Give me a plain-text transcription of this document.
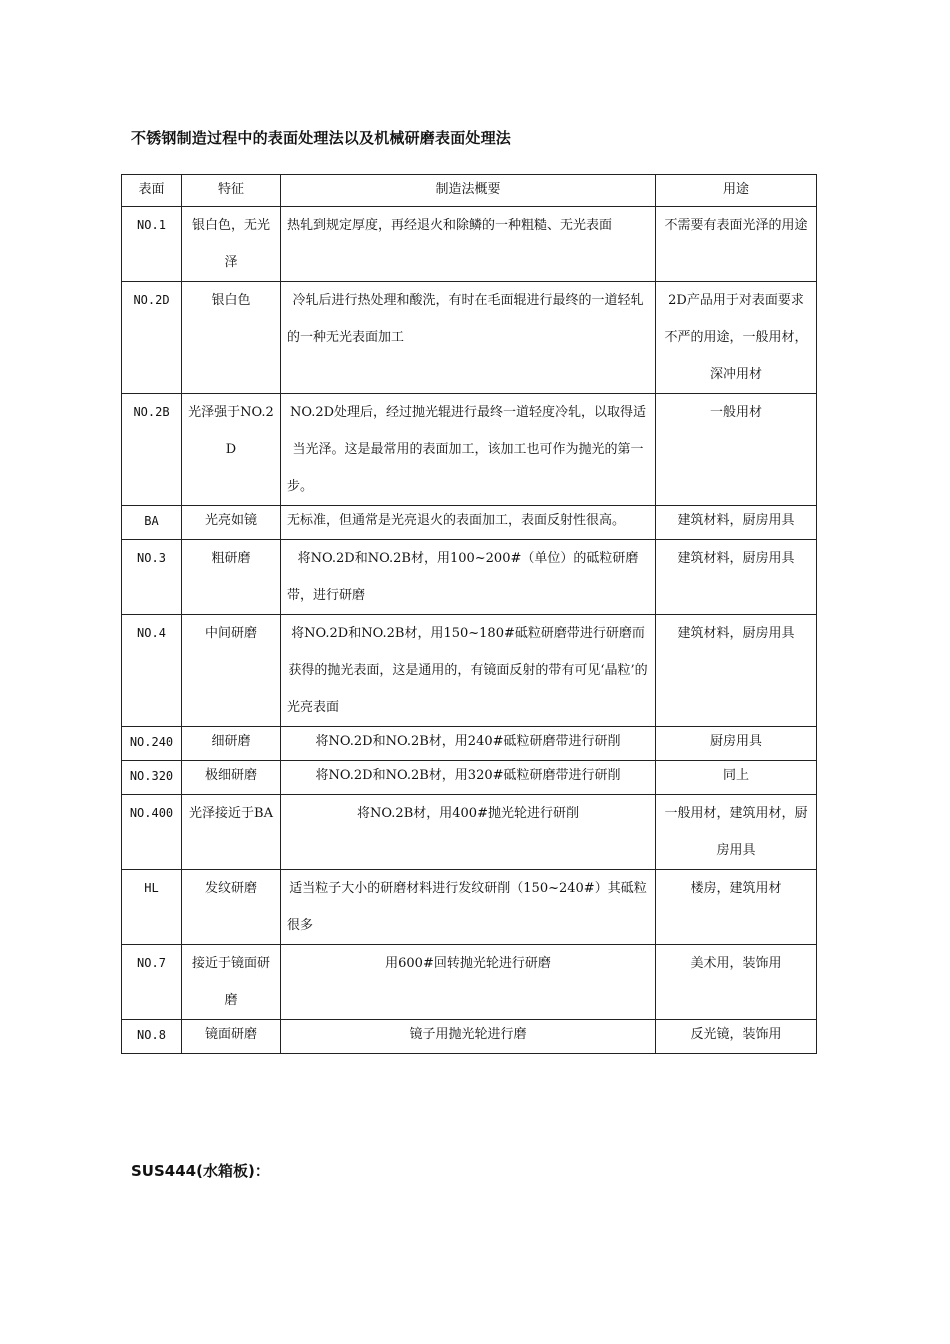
不锈钢制造过程中的表面处理法以及机械研磨表面处理法
表面	特征	制造法概要	用途
NO.1	银白色，无光泽	热轧到规定厚度，再经退火和除鳞的一种粗糙、无光表面	不需要有表面光泽的用途
NO.2D	银白色	冷轧后进行热处理和酸洗，有时在毛面辊进行最终的一道轻轧的一种无光表面加工	2D产品用于对表面要求不严的用途，一般用材，深冲用材
NO.2B	光泽强于NO.2D	NO.2D处理后，经过抛光辊进行最终一道轻度冷轧，以取得适当光泽。这是最常用的表面加工，该加工也可作为抛光的第一步。	一般用材
BA	光亮如镜	无标准，但通常是光亮退火的表面加工，表面反射性很高。	建筑材料，厨房用具
NO.3	粗研磨	将NO.2D和NO.2B材，用100~200#（单位）的砥粒研磨带，进行研磨	建筑材料，厨房用具
NO.4	中间研磨	将NO.2D和NO.2B材，用150~180#砥粒研磨带进行研磨而获得的抛光表面，这是通用的，有镜面反射的带有可见‘晶粒’的光亮表面	建筑材料，厨房用具
NO.240	细研磨	将NO.2D和NO.2B材，用240#砥粒研磨带进行研削	厨房用具
NO.320	极细研磨	将NO.2D和NO.2B材，用320#砥粒研磨带进行研削	同上
NO.400	光泽接近于BA	将NO.2B材，用400#抛光轮进行研削	一般用材，建筑用材，厨房用具
HL	发纹研磨	适当粒子大小的研磨材料进行发纹研削（150~240#）其砥粒很多	楼房，建筑用材
NO.7	接近于镜面研磨	用600#回转抛光轮进行研磨	美术用，装饰用
NO.8	镜面研磨	镜子用抛光轮进行磨	反光镜，装饰用
SUS444(水箱板)：
